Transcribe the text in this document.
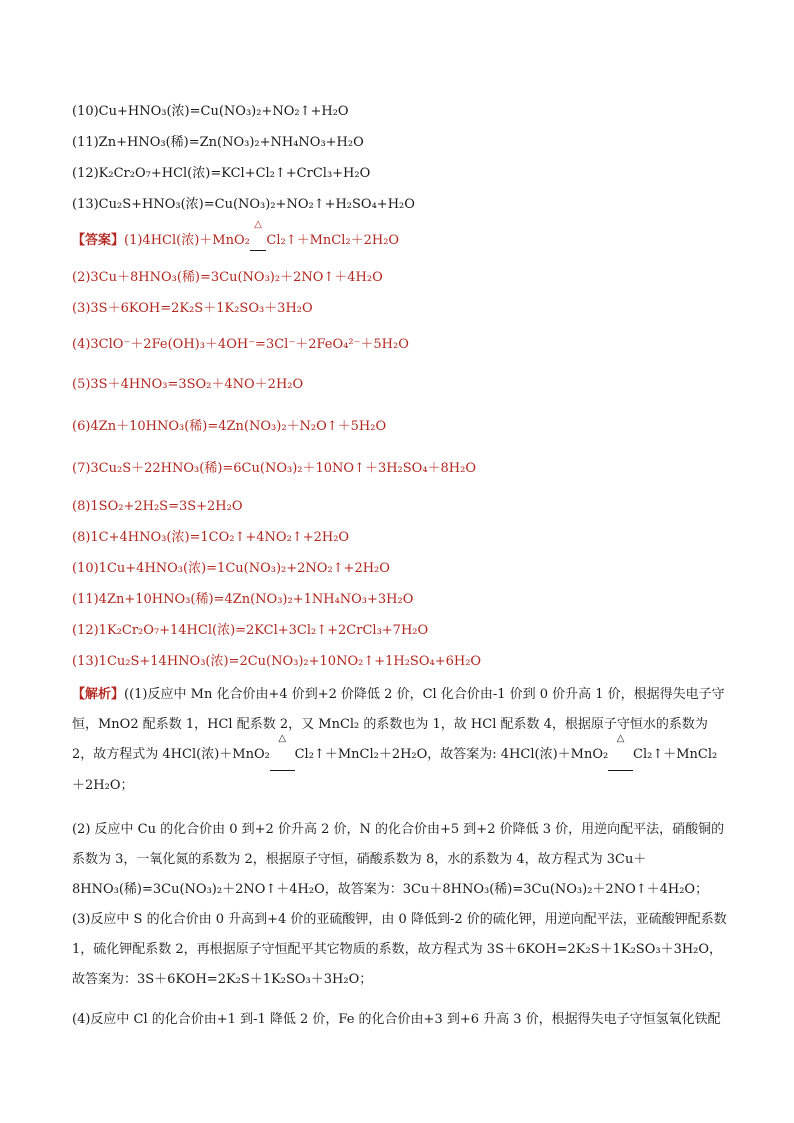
(10)Cu+HNO₃(浓)=Cu(NO₃)₂+NO₂↑+H₂O
(11)Zn+HNO₃(稀)=Zn(NO₃)₂+NH₄NO₃+H₂O
(12)K₂Cr₂O₇+HCl(浓)=KCl+Cl₂↑+CrCl₃+H₂O
(13)Cu₂S+HNO₃(浓)=Cu(NO₃)₂+NO₂↑+H₂SO₄+H₂O
【答案】(1)4HCl(浓)＋MnO₂ △ Cl₂↑＋MnCl₂＋2H₂O
(2)3Cu＋8HNO₃(稀)=3Cu(NO₃)₂＋2NO↑＋4H₂O
(3)3S＋6KOH=2K₂S＋1K₂SO₃＋3H₂O
(4)3ClO⁻＋2Fe(OH)₃＋4OH⁻=3Cl⁻＋2FeO₄²⁻＋5H₂O
(5)3S＋4HNO₃=3SO₂＋4NO＋2H₂O
(6)4Zn＋10HNO₃(稀)=4Zn(NO₃)₂＋N₂O↑＋5H₂O
(7)3Cu₂S＋22HNO₃(稀)=6Cu(NO₃)₂＋10NO↑＋3H₂SO₄＋8H₂O
(8)1SO₂+2H₂S=3S+2H₂O
(8)1C+4HNO₃(浓)=1CO₂↑+4NO₂↑+2H₂O
(10)1Cu+4HNO₃(浓)=1Cu(NO₃)₂+2NO₂↑+2H₂O
(11)4Zn+10HNO₃(稀)=4Zn(NO₃)₂+1NH₄NO₃+3H₂O
(12)1K₂Cr₂O₇+14HCl(浓)=2KCl+3Cl₂↑+2CrCl₃+7H₂O
(13)1Cu₂S+14HNO₃(浓)=2Cu(NO₃)₂+10NO₂↑+1H₂SO₄+6H₂O
【解析】((1)反应中 Mn 化合价由+4 价到+2 价降低 2 价，Cl 化合价由-1 价到 0 价升高 1 价，根据得失电子守恒，MnO2 配系数 1，HCl 配系数 2，又 MnCl₂ 的系数也为 1，故 HCl 配系数 4，根据原子守恒水的系数为 2，故方程式为 4HCl(浓)＋MnO₂ △ Cl₂↑＋MnCl₂＋2H₂O，故答案为: 4HCl(浓)＋MnO₂ △ Cl₂↑＋MnCl₂＋2H₂O；
(2) 反应中 Cu 的化合价由 0 到+2 价升高 2 价，N 的化合价由+5 到+2 价降低 3 价，用逆向配平法，硝酸铜的系数为 3，一氧化氮的系数为 2，根据原子守恒，硝酸系数为 8，水的系数为 4，故方程式为 3Cu＋8HNO₃(稀)=3Cu(NO₃)₂＋2NO↑＋4H₂O，故答案为：3Cu＋8HNO₃(稀)=3Cu(NO₃)₂＋2NO↑＋4H₂O；
(3)反应中 S 的化合价由 0 升高到+4 价的亚硫酸钾，由 0 降低到-2 价的硫化钾，用逆向配平法，亚硫酸钾配系数 1，硫化钾配系数 2，再根据原子守恒配平其它物质的系数，故方程式为 3S＋6KOH=2K₂S＋1K₂SO₃＋3H₂O，故答案为：3S＋6KOH=2K₂S＋1K₂SO₃＋3H₂O；
(4)反应中 Cl 的化合价由+1 到-1 降低 2 价，Fe 的化合价由+3 到+6 升高 3 价，根据得失电子守恒氢氧化铁配
